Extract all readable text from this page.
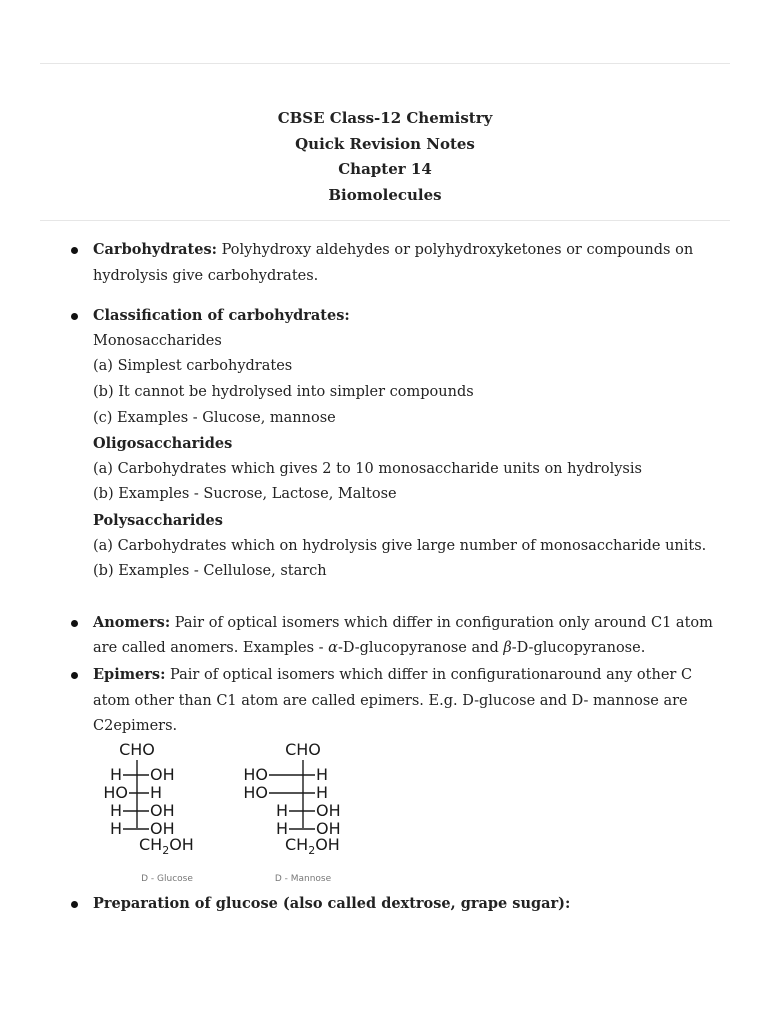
CBSE Class-12 Chemistry
Quick Revision Notes
Chapter 14
Biomolecules
Carbohydrates: Polyhydroxy aldehydes or polyhydroxyketones or compounds on hydrolysis give carbohydrates.
Classification of carbohydrates:
Monosaccharides
(a) Simplest carbohydrates
(b) It cannot be hydrolysed into simpler compounds
(c) Examples - Glucose, mannose
Oligosaccharides
(a) Carbohydrates which gives 2 to 10 monosaccharide units on hydrolysis
(b) Examples - Sucrose, Lactose, Maltose
Polysaccharides
(a) Carbohydrates which on hydrolysis give large number of monosaccharide units.
(b) Examples - Cellulose, starch
Anomers: Pair of optical isomers which differ in configuration only around C1 atom are called anomers. Examples - α-D-glucopyranose and β-D-glucopyranose.
Epimers: Pair of optical isomers which differ in configurationaround any other C atom other than C1 atom are called epimers. E.g. D-glucose and D- mannose are C2epimers.
CHO
H OH
HO H
H OH
H OH
$CH_2OH$
D - Glucose
CHO
HO	H
HO	H
H OH
H OH
$CH_2OH$
D - Mannose
Preparation of glucose (also called dextrose, grape sugar):
